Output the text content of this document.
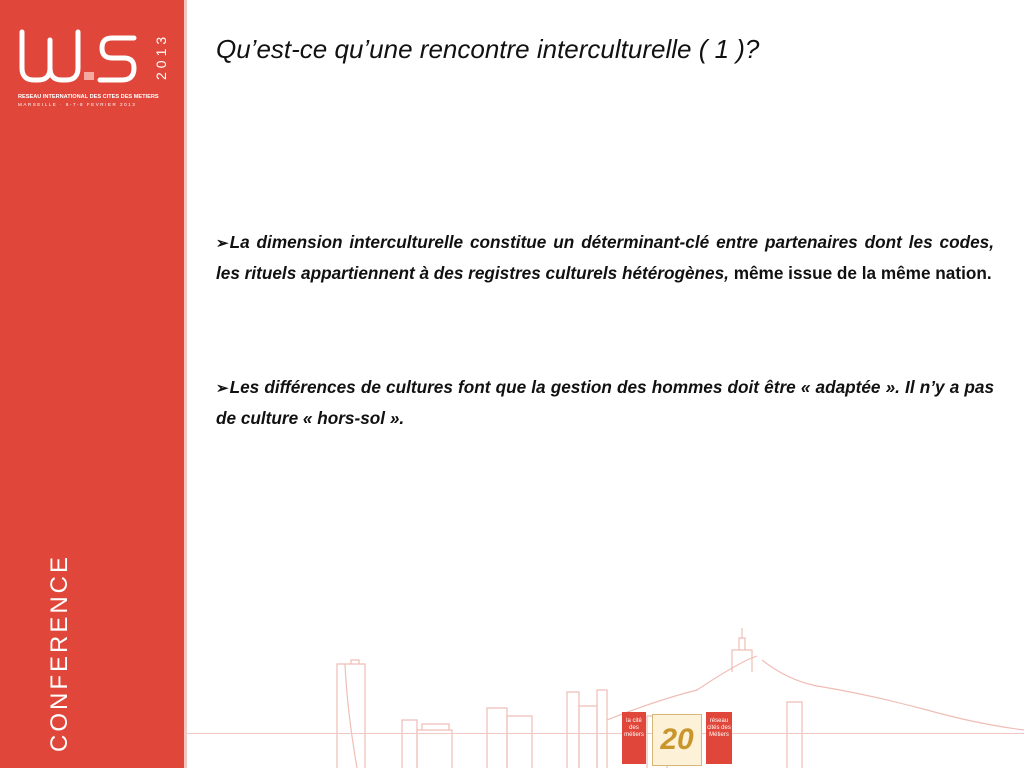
2013
RESEAU INTERNATIONAL DES CITES DES METIERS
MARSEILLE · 6-7-8 FEVRIER 2013
CONFERENCE
Qu’est-ce qu’une rencontre interculturelle ( 1 )?
➢La dimension interculturelle constitue un déterminant-clé entre partenaires dont les codes, les rituels appartiennent à des registres culturels hétérogènes, même issue de la même nation.
➢Les différences de cultures font que la gestion des hommes doit être « adaptée ». Il n’y a pas de culture « hors-sol ».
la cité des métiers 20
réseau cités des Métiers
